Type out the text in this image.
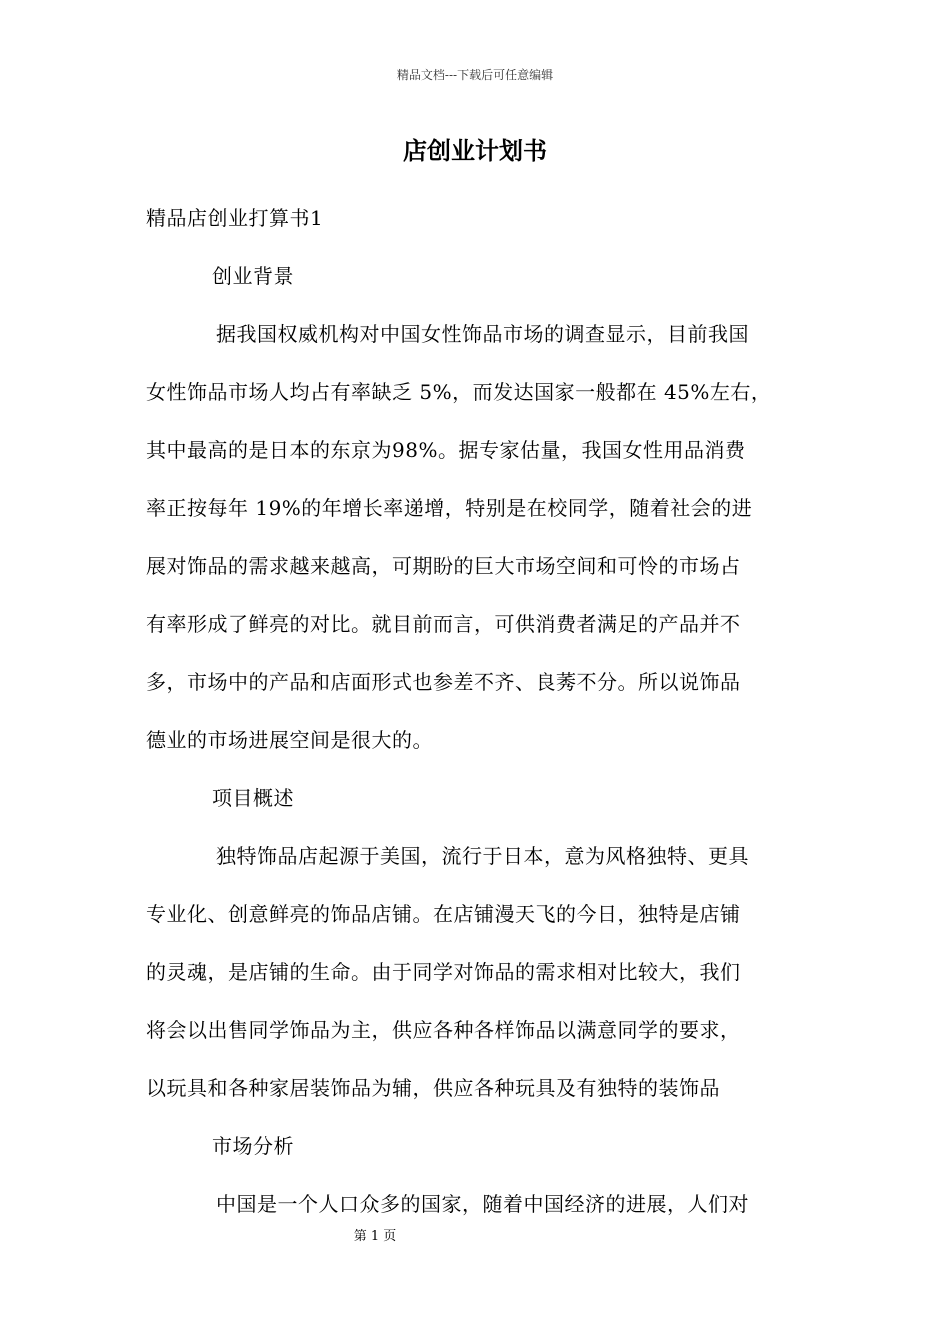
精品文档---下载后可任意编辑
店创业计划书
精品店创业打算书1
创业背景
据我国权威机构对中国女性饰品市场的调查显示，目前我国
女性饰品市场人均占有率缺乏 5%，而发达国家一般都在 45%左右，
其中最高的是日本的东京为98%。据专家估量，我国女性用品消费
率正按每年 19%的年增长率递增，特别是在校同学，随着社会的进
展对饰品的需求越来越高，可期盼的巨大市场空间和可怜的市场占
有率形成了鲜亮的对比。就目前而言，可供消费者满足的产品并不
多，市场中的产品和店面形式也参差不齐、良莠不分。所以说饰品
德业的市场进展空间是很大的。
项目概述
独特饰品店起源于美国，流行于日本，意为风格独特、更具
专业化、创意鲜亮的饰品店铺。在店铺漫天飞的今日，独特是店铺
的灵魂，是店铺的生命。由于同学对饰品的需求相对比较大，我们
将会以出售同学饰品为主，供应各种各样饰品以满意同学的要求，
以玩具和各种家居装饰品为辅，供应各种玩具及有独特的装饰品
市场分析
中国是一个人口众多的国家，随着中国经济的进展，人们对
第 1 页
